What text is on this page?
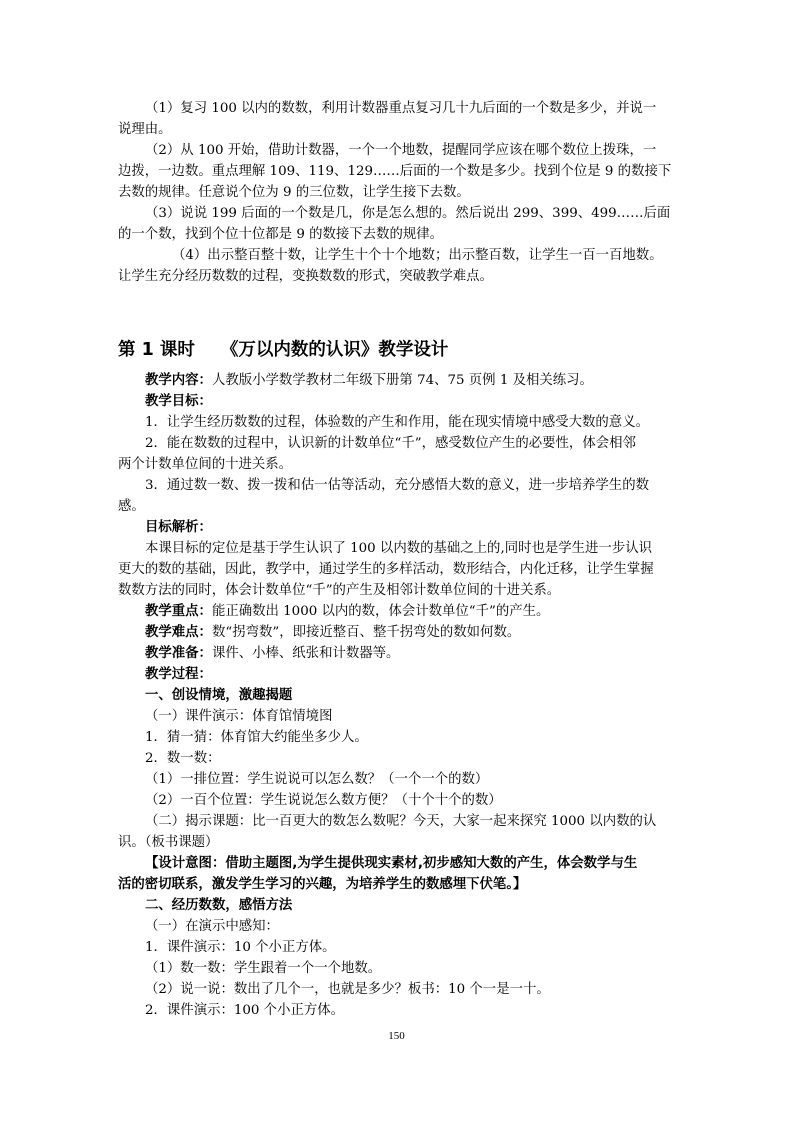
（1）复习 100 以内的数数，利用计数器重点复习几十九后面的一个数是多少，并说一
说理由。
（2）从 100 开始，借助计数器，一个一个地数，提醒同学应该在哪个数位上拨珠，一
边拨，一边数。重点理解 109、119、129……后面的一个数是多少。找到个位是 9 的数接下
去数的规律。任意说个位为 9 的三位数，让学生接下去数。
（3）说说 199 后面的一个数是几，你是怎么想的。然后说出 299、399、499……后面
的一个数，找到个位十位都是 9 的数接下去数的规律。
（4）出示整百整十数，让学生十个十个地数；出示整百数，让学生一百一百地数。
让学生充分经历数数的过程，变换数数的形式，突破教学难点。
第 1 课时 《万以内数的认识》教学设计
教学内容：人教版小学数学教材二年级下册第 74、75 页例 1 及相关练习。
教学目标：
1．让学生经历数数的过程，体验数的产生和作用，能在现实情境中感受大数的意义。
2．能在数数的过程中，认识新的计数单位“千”，感受数位产生的必要性，体会相邻
两个计数单位间的十进关系。
3．通过数一数、拨一拨和估一估等活动，充分感悟大数的意义，进一步培养学生的数
感。
目标解析：
本课目标的定位是基于学生认识了 100 以内数的基础之上的,同时也是学生进一步认识
更大的数的基础，因此，教学中，通过学生的多样活动，数形结合，内化迁移，让学生掌握
数数方法的同时，体会计数单位“千”的产生及相邻计数单位间的十进关系。
教学重点：能正确数出 1000 以内的数，体会计数单位“千”的产生。
教学难点：数“拐弯数”，即接近整百、整千拐弯处的数如何数。
教学准备：课件、小棒、纸张和计数器等。
教学过程：
一、创设情境，激趣揭题
（一）课件演示：体育馆情境图
1．猜一猜：体育馆大约能坐多少人。
2．数一数：
（1）一排位置：学生说说可以怎么数？（一个一个的数）
（2）一百个位置：学生说说怎么数方便？（十个十个的数）
（二）揭示课题：比一百更大的数怎么数呢？今天，大家一起来探究 1000 以内数的认
识。（板书课题）
【设计意图：借助主题图,为学生提供现实素材,初步感知大数的产生，体会数学与生
活的密切联系，激发学生学习的兴趣，为培养学生的数感埋下伏笔。】
二、经历数数，感悟方法
（一）在演示中感知：
1．课件演示：10 个小正方体。
（1）数一数：学生跟着一个一个地数。
（2）说一说：数出了几个一，也就是多少？板书：10 个一是一十。
2．课件演示：100 个小正方体。
150
